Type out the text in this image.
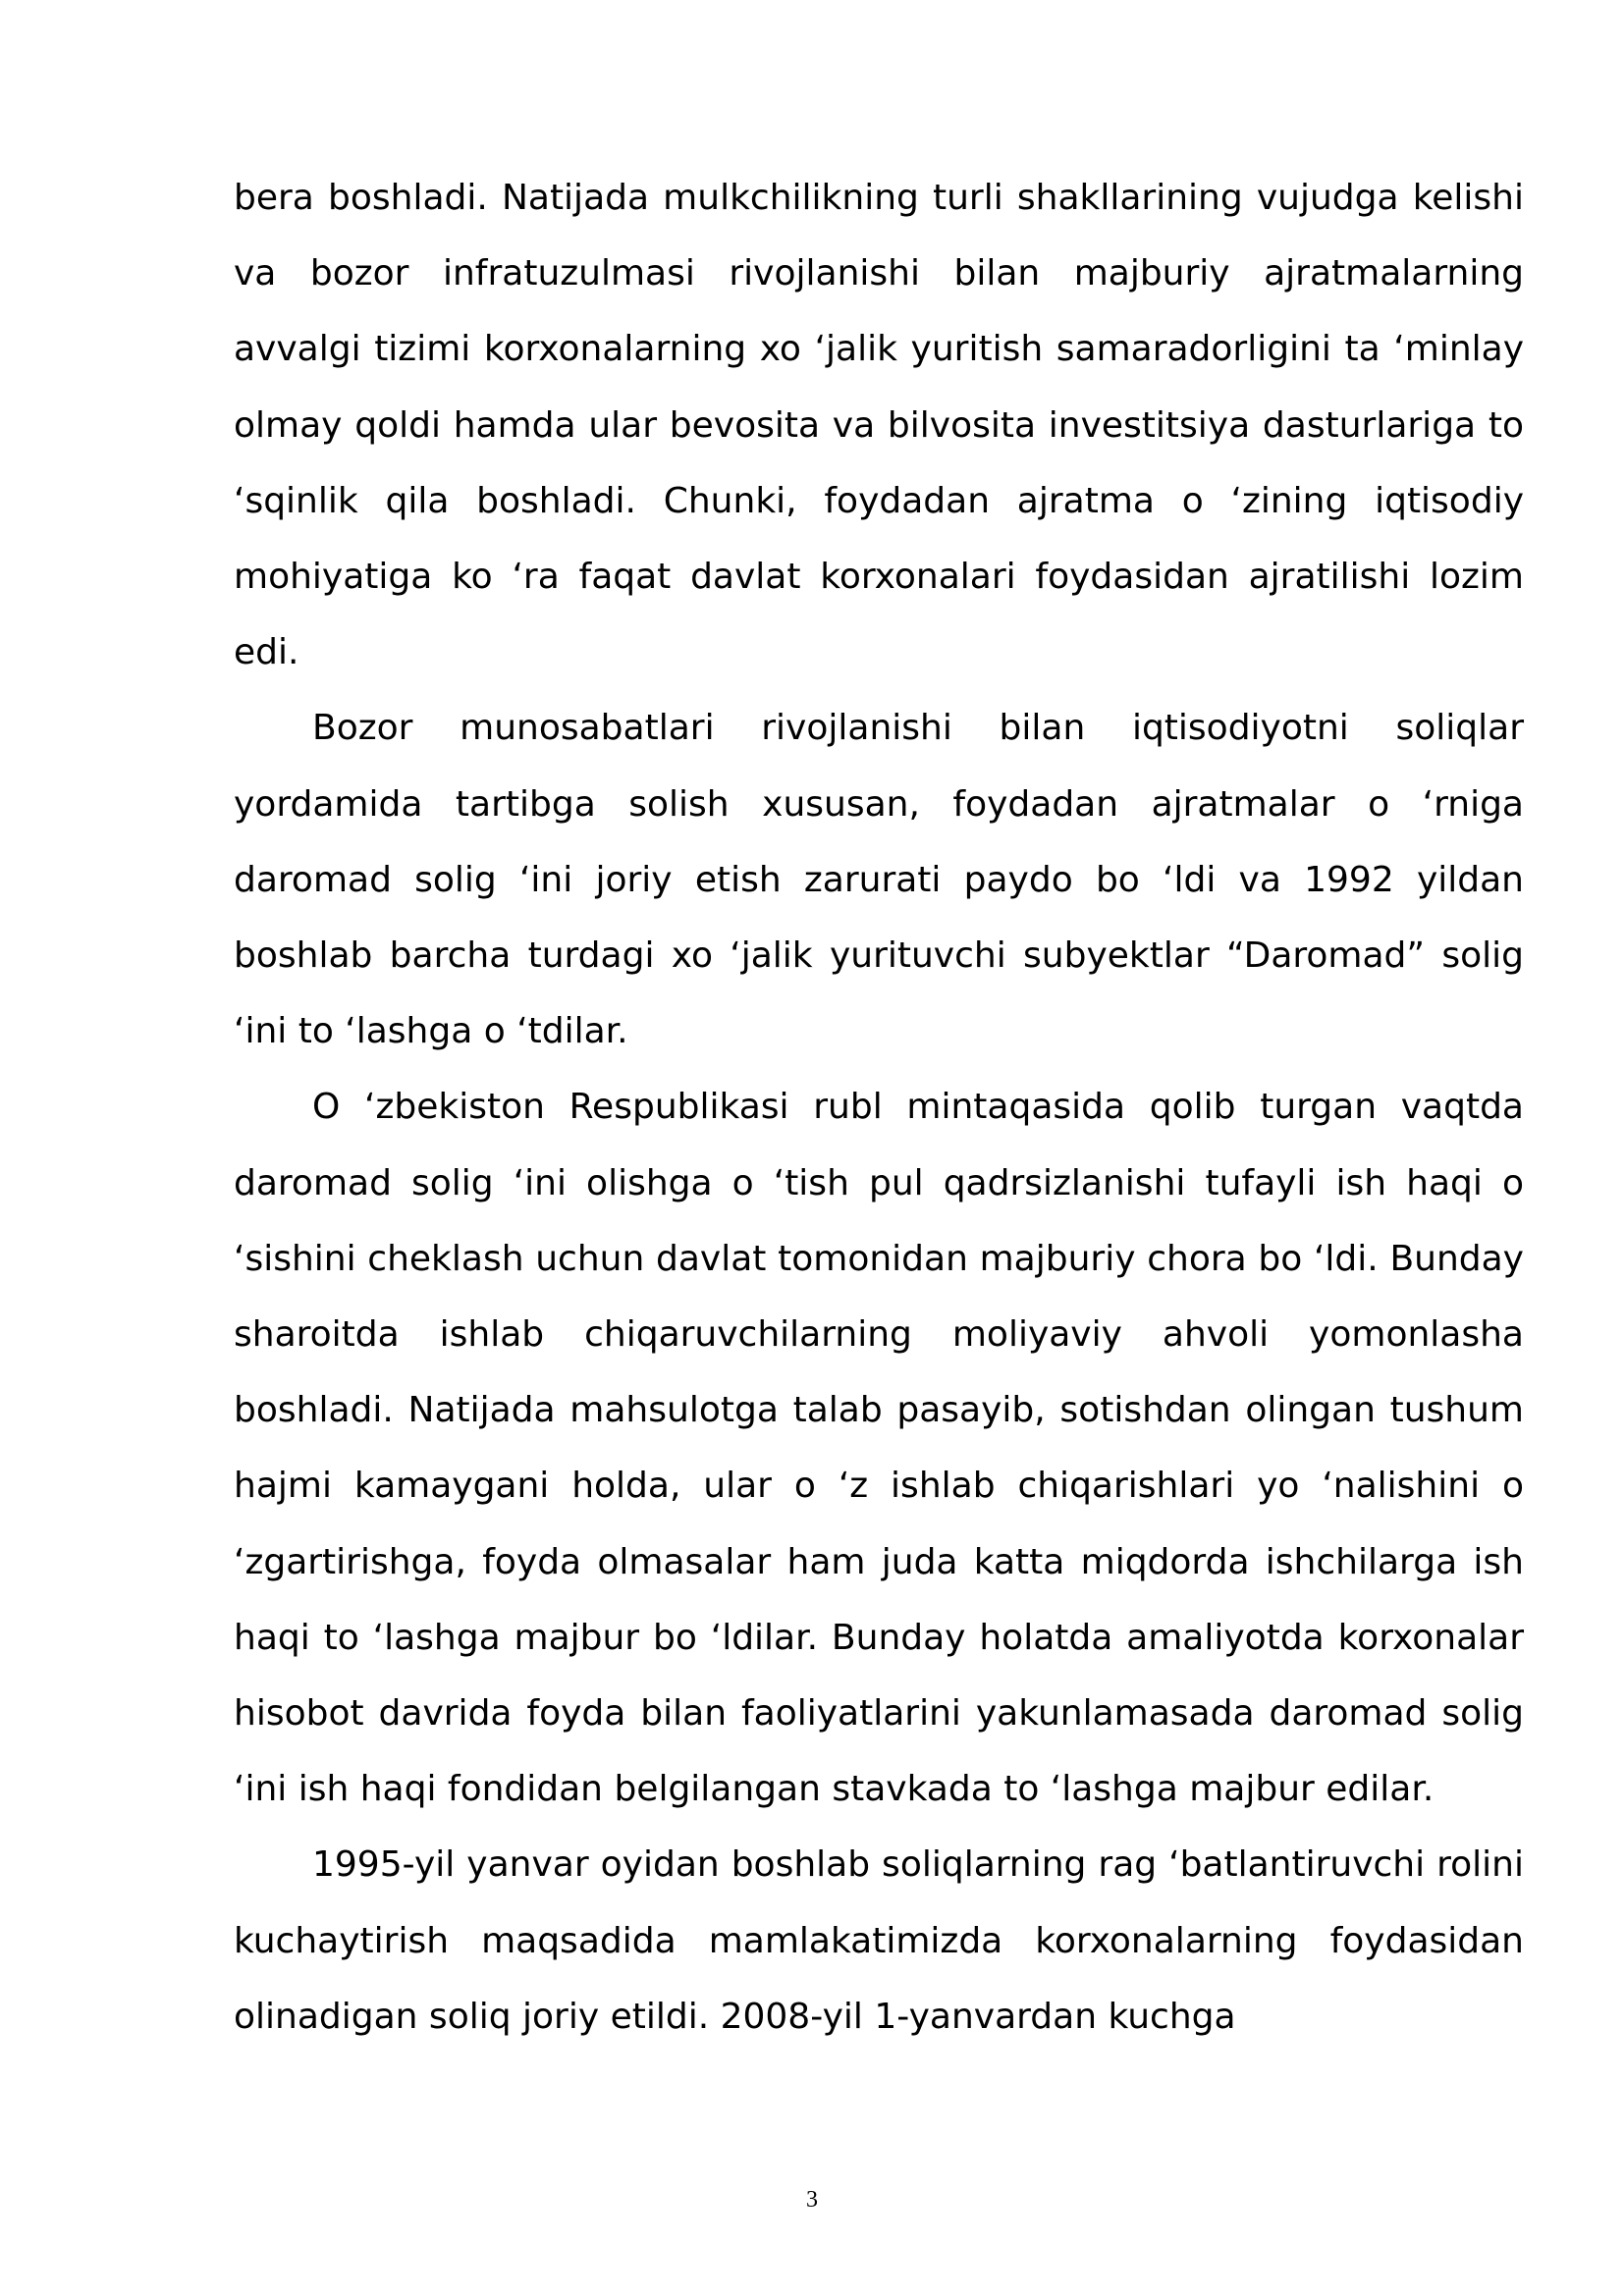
bera boshladi. Natijada mulkchilikning turli shakllarining vujudga kelishi va bozor infratuzulmasi rivojlanishi bilan majburiy ajratmalarning avvalgi tizimi korxonalarning xo ‘jalik yuritish samaradorligini ta ‘minlay olmay qoldi hamda ular bevosita va bilvosita investitsiya dasturlariga to ‘sqinlik qila boshladi. Chunki, foydadan ajratma o ‘zining iqtisodiy mohiyatiga ko ‘ra faqat davlat korxonalari foydasidan ajratilishi lozim edi.

Bozor munosabatlari rivojlanishi bilan iqtisodiyotni soliqlar yordamida tartibga solish xususan, foydadan ajratmalar o ‘rniga daromad solig ‘ini joriy etish zarurati paydo bo ‘ldi va 1992 yildan boshlab barcha turdagi xo ‘jalik yurituvchi subyektlar “Daromad” solig ‘ini to ‘lashga o ‘tdilar.

O ‘zbekiston Respublikasi rubl mintaqasida qolib turgan vaqtda daromad solig ‘ini olishga o ‘tish pul qadrsizlanishi tufayli ish haqi o ‘sishini cheklash uchun davlat tomonidan majburiy chora bo ‘ldi. Bunday sharoitda ishlab chiqaruvchilarning moliyaviy ahvoli yomonlasha boshladi. Natijada mahsulotga talab pasayib, sotishdan olingan tushum hajmi kamaygani holda, ular o ‘z ishlab chiqarishlari yo ‘nalishini o ‘zgartirishga, foyda olmasalar ham juda katta miqdorda ishchilarga ish haqi to ‘lashga majbur bo ‘ldilar. Bunday holatda amaliyotda korxonalar hisobot davrida foyda bilan faoliyatlarini yakunlamasada daromad solig ‘ini ish haqi fondidan belgilangan stavkada to ‘lashga majbur edilar.

1995-yil yanvar oyidan boshlab soliqlarning rag ‘batlantiruvchi rolini kuchaytirish maqsadida mamlakatimizda korxonalarning foydasidan olinadigan soliq joriy etildi. 2008-yil 1-yanvardan kuchga

3
